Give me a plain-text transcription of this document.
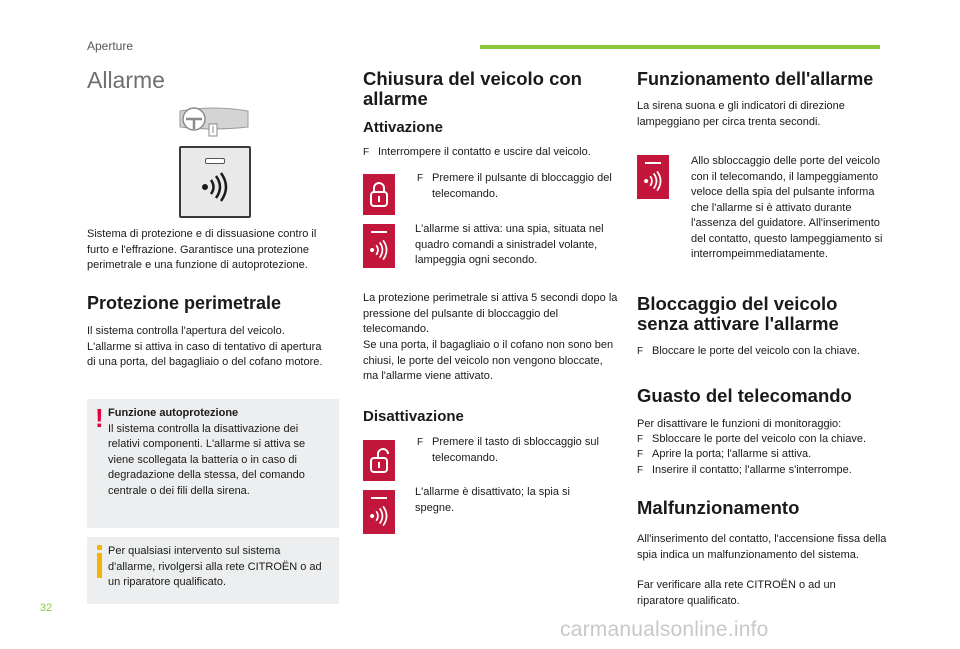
Aperture
Allarme

Sistema di protezione e di dissuasione contro il furto e l'effrazione. Garantisce una protezione perimetrale e una funzione di autoprotezione.

Protezione perimetrale

Il sistema controlla l'apertura del veicolo. L'allarme si attiva in caso di tentativo di apertura di una porta, del bagagliaio o del cofano motore.

! Funzione autoprotezione

Il sistema controlla la disattivazione dei relativi componenti. L'allarme si attiva se viene scollegata la batteria o in caso di degradazione della stessa, del comando centrale o dei fili della sirena.

Per qualsiasi intervento sul sistema d'allarme, rivolgersi alla rete CITROËN o ad un riparatore qualificato.

Chiusura del veicolo con allarme
Attivazione
F Interrompere il contatto e uscire dal veicolo.
F Premere il pulsante di bloccaggio del telecomando.

L'allarme si attiva: una spia, situata nel quadro comandi a sinistradel volante, lampeggia ogni secondo.

La protezione perimetrale si attiva 5 secondi dopo la pressione del pulsante di bloccaggio del telecomando.

Se una porta, il bagagliaio o il cofano non sono ben chiusi, le porte del veicolo non vengono bloccate, ma l'allarme viene attivato.

Disattivazione
F Premere il tasto di sbloccaggio sul telecomando.

L'allarme è disattivato; la spia si spegne.

Funzionamento dell'allarme

La sirena suona e gli indicatori di direzione lampeggiano per circa trenta secondi.

Allo sbloccaggio delle porte del veicolo con il telecomando, il lampeggiamento veloce della spia del pulsante informa che l'allarme si è attivato durante l'assenza del guidatore. All'inserimento del contatto, questo lampeggiamento si interrompeimmediatamente.

Bloccaggio del veicolo senza attivare l'allarme
F Bloccare le porte del veicolo con la chiave.
Guasto del telecomando

Per disattivare le funzioni di monitoraggio:

F Sbloccare le porte del veicolo con la chiave.
F Aprire la porta; l'allarme si attiva.
F Inserire il contatto; l'allarme s'interrompe.
Malfunzionamento

All'inserimento del contatto, l'accensione fissa della spia indica un malfunzionamento del sistema.

Far verificare alla rete CITROËN o ad un riparatore qualificato.

32
carmanualsonline.info
